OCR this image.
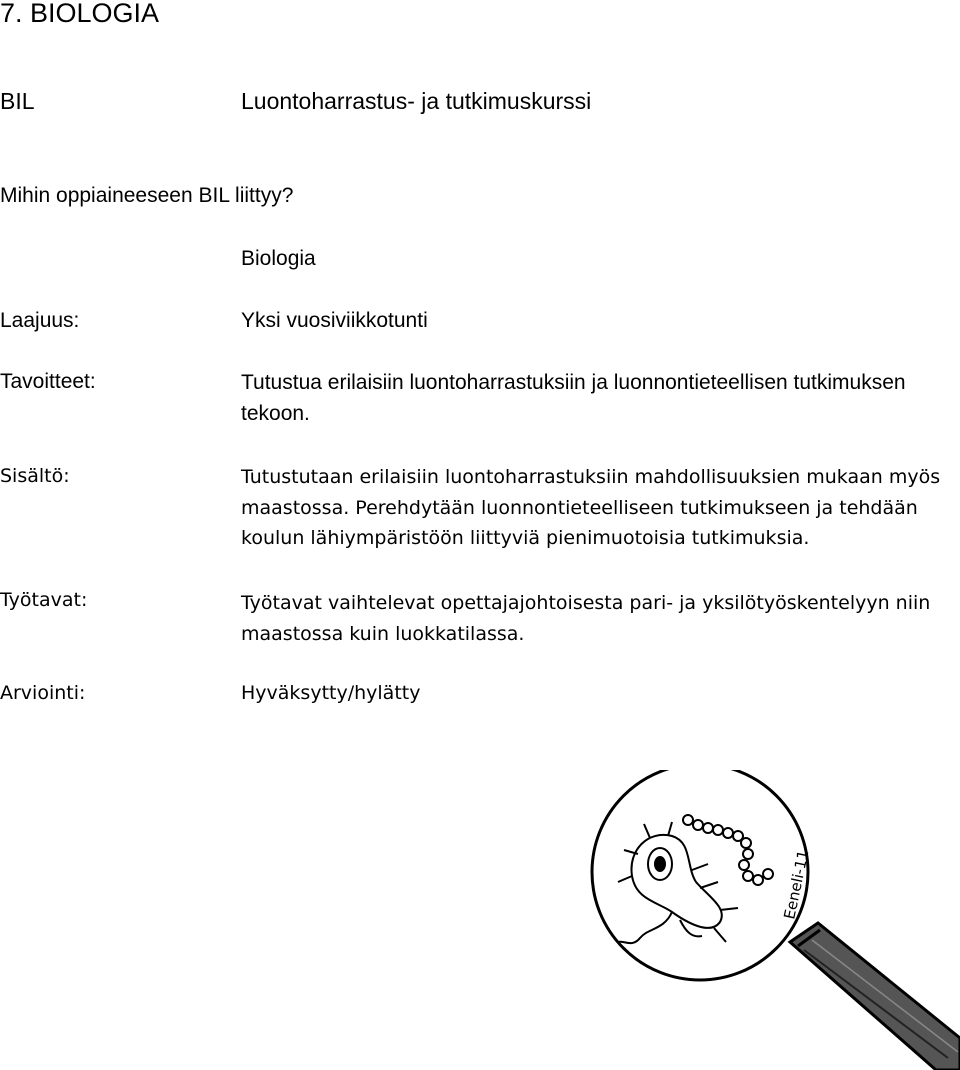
7. BIOLOGIA
BIL	Luontoharrastus- ja tutkimuskurssi
Mihin oppiaineeseen BIL liittyy?
Biologia
Laajuus:	Yksi vuosiviikkotunti
Tavoitteet:	Tutustua erilaisiin luontoharrastuksiin ja luonnontieteellisen tutkimuksen tekoon.
Sisältö:	Tutustutaan erilaisiin luontoharrastuksiin mahdollisuuksien mukaan myös maastossa. Perehdytään luonnontieteelliseen tutkimukseen ja tehdään koulun lähiympäristöön liittyviä pienimuotoisia tutkimuksia.
Työtavat:	Työtavat vaihtelevat opettajajohtoisesta pari- ja yksilötyöskentelyyn niin maastossa kuin luokkatilassa.
Arviointi:	Hyväksytty/hylätty
Eeneli-11
